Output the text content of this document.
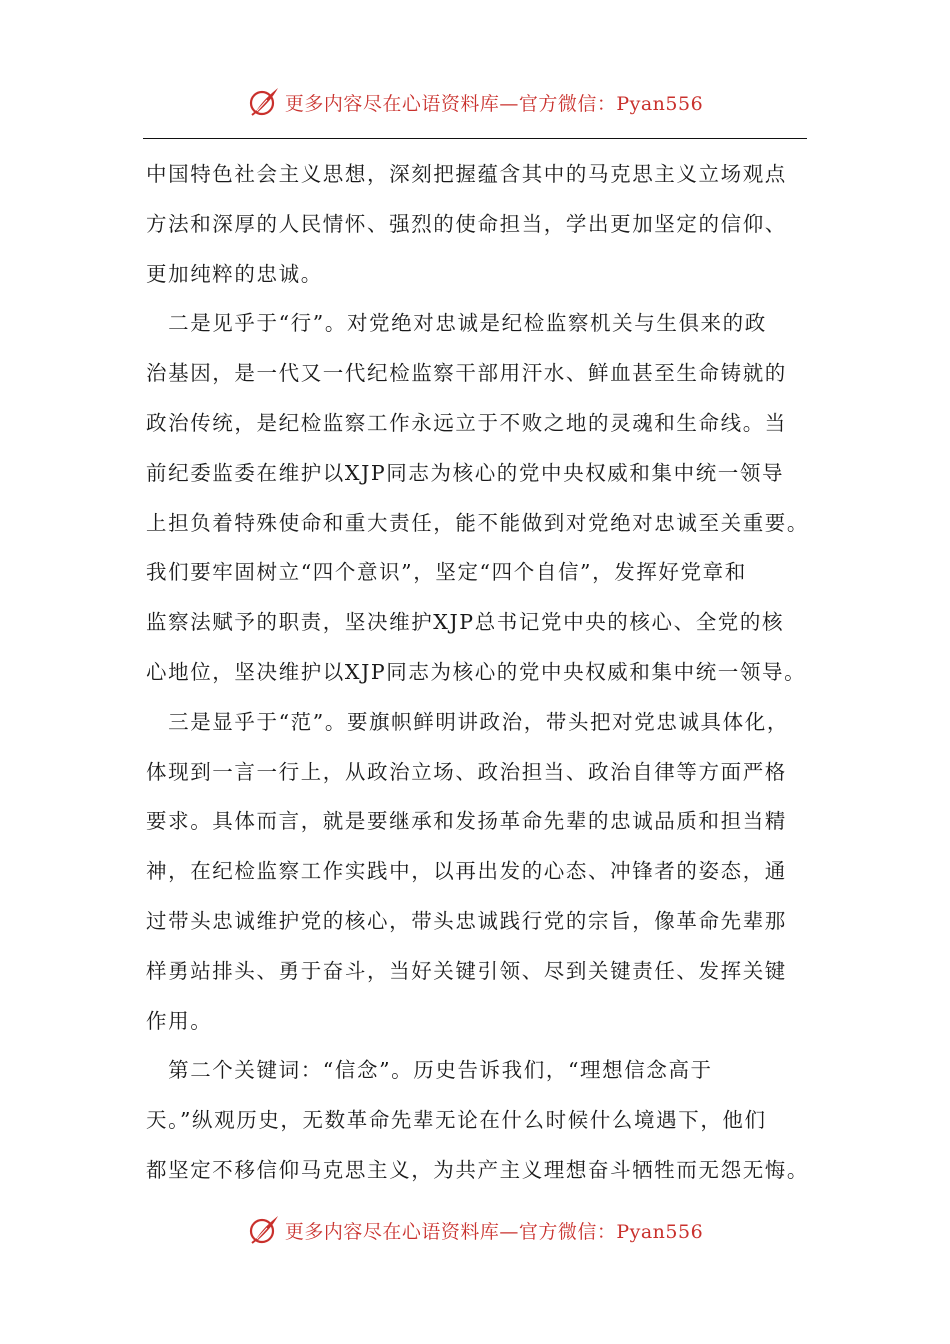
更多内容尽在心语资料库—官方微信：Pyan556
中国特色社会主义思想，深刻把握蕴含其中的马克思主义立场观点
方法和深厚的人民情怀、强烈的使命担当，学出更加坚定的信仰、
更加纯粹的忠诚。
　二是见乎于“行”。对党绝对忠诚是纪检监察机关与生俱来的政
治基因，是一代又一代纪检监察干部用汗水、鲜血甚至生命铸就的
政治传统，是纪检监察工作永远立于不败之地的灵魂和生命线。当
前纪委监委在维护以XJP同志为核心的党中央权威和集中统一领导
上担负着特殊使命和重大责任，能不能做到对党绝对忠诚至关重要。
我们要牢固树立“四个意识”，坚定“四个自信”，发挥好党章和
监察法赋予的职责，坚决维护XJP总书记党中央的核心、全党的核
心地位，坚决维护以XJP同志为核心的党中央权威和集中统一领导。
　三是显乎于“范”。要旗帜鲜明讲政治，带头把对党忠诚具体化，
体现到一言一行上，从政治立场、政治担当、政治自律等方面严格
要求。具体而言，就是要继承和发扬革命先辈的忠诚品质和担当精
神，在纪检监察工作实践中，以再出发的心态、冲锋者的姿态，通
过带头忠诚维护党的核心，带头忠诚践行党的宗旨，像革命先辈那
样勇站排头、勇于奋斗，当好关键引领、尽到关键责任、发挥关键
作用。
　第二个关键词：“信念”。历史告诉我们，“理想信念高于
天。”纵观历史，无数革命先辈无论在什么时候什么境遇下，他们
都坚定不移信仰马克思主义，为共产主义理想奋斗牺牲而无怨无悔。
更多内容尽在心语资料库—官方微信：Pyan556
